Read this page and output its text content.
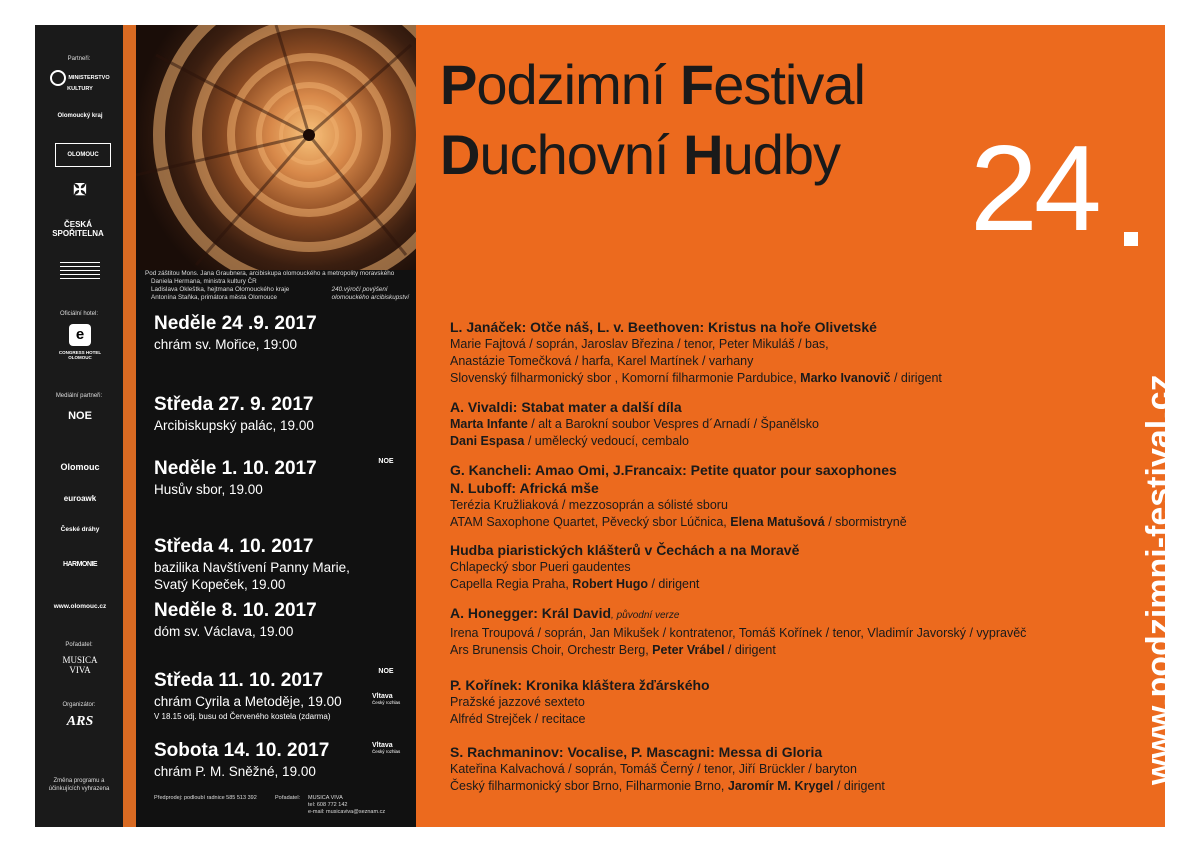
Partneři:
MINISTERSTVO KULTURY
Olomoucký kraj
OLOMOUC
✠
ČESKÁ SPOŘITELNA
Oficiální hotel:
e
CONGRESS HOTEL OLOMOUC
Mediální partneři:
NOE
Olomouc
euroawk
České dráhy
HARMONIE
www.olomouc.cz
Pořadatel:
MUSICA VIVA
Organizátor:
ARS
Změna programu a účinkujících vyhrazena
Pod záštitou Mons. Jana Graubnera, arcibiskupa olomouckého a metropolity moravského
Daniela Hermana, ministra kultury ČR
Ladislava Okleštka, hejtmana Olomouckého kraje
Antonína Staňka, primátora města Olomouce
240.výročí povýšení
olomouckého arcibiskupství
Neděle 24 .9. 2017
chrám sv. Mořice, 19:00
Středa 27. 9. 2017
Arcibiskupský palác, 19.00
Neděle 1. 10. 2017
Husův sbor, 19.00
NOE
Středa 4. 10. 2017
bazilika Navštívení Panny Marie,
Svatý Kopeček, 19.00
Neděle 8. 10. 2017
dóm sv. Václava, 19.00
Středa 11. 10. 2017
chrám Cyrila a Metoděje, 19.00
V 18.15 odj. busu od Červeného kostela (zdarma)
NOE
Vltava
Český rozhlas
Sobota 14. 10. 2017
chrám P. M. Sněžné, 19.00
Vltava
Český rozhlas
Předprodej: podloubí radnice 585 513 392	Pořadatel: MUSICA VIVA
tel: 608 772 142
e-mail: musicaviva@seznam.cz
Podzimní Festival
Duchovní Hudby 24
L. Janáček: Otče náš, L. v. Beethoven: Kristus na hoře Olivetské
Marie Fajtová / soprán, Jaroslav Březina / tenor, Peter Mikuláš / bas,
Anastázie Tomečková / harfa, Karel Martínek / varhany
Slovenský filharmonický sbor , Komorní filharmonie Pardubice, Marko Ivanovič / dirigent
A. Vivaldi: Stabat mater a další díla
Marta Infante / alt a Barokní soubor Vespres d´Arnadí / Španělsko
Dani Espasa / umělecký vedoucí, cembalo
G. Kancheli: Amao Omi, J.Francaix: Petite quator pour saxophones
N. Luboff: Africká mše
Terézia Kružliaková / mezzosoprán a sólisté sboru
ATAM Saxophone Quartet, Pěvecký sbor Lúčnica, Elena Matušová / sbormistryně
Hudba piaristických klášterů v Čechách a na Moravě
Chlapecký sbor Pueri gaudentes
Capella Regia Praha, Robert Hugo / dirigent
A. Honegger: Král David, původní verze
Irena Troupová / soprán, Jan Mikušek / kontratenor, Tomáš Kořínek / tenor, Vladimír Javorský / vypravěč
Ars Brunensis Choir, Orchestr Berg, Peter Vrábel / dirigent
P. Kořínek: Kronika kláštera žďárského
Pražské jazzové sexteto
Alfréd Strejček / recitace
S. Rachmaninov: Vocalise, P. Mascagni: Messa di Gloria
Kateřina Kalvachová / soprán, Tomáš Černý / tenor, Jiří Brückler / baryton
Český filharmonický sbor Brno, Filharmonie Brno, Jaromír M. Krygel / dirigent
www.podzimni-festival.cz
